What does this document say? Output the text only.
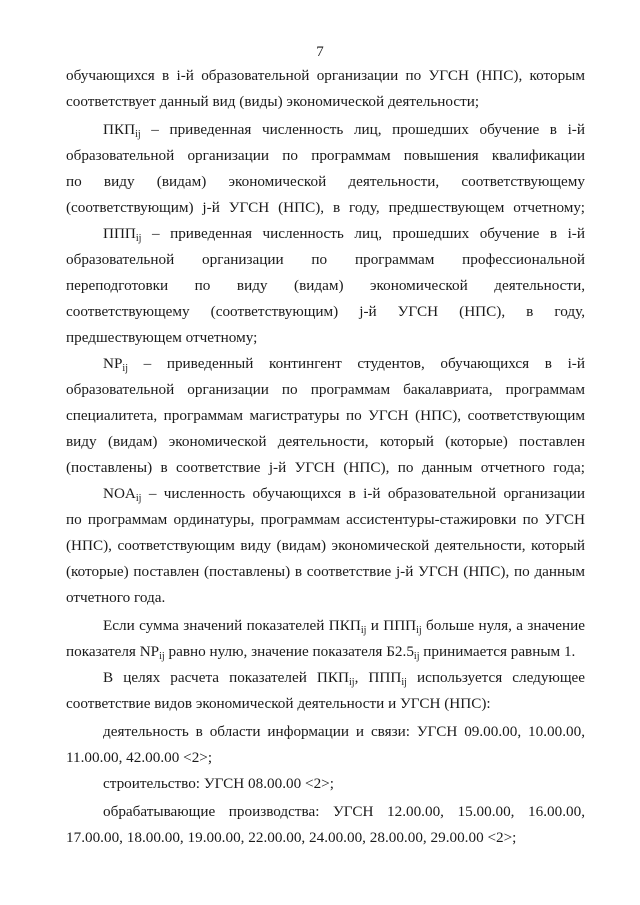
7
обучающихся в i-й образовательной организации по УГСН (НПС), которым
соответствует данный вид (виды) экономической деятельности;
$ПКП_{ij}$ – приведенная численность лиц, прошедших обучение в i-й
образовательной организации по программам повышения квалификации
по виду (видам) экономической деятельности, соответствующему
(соответствующим) j-й УГСН (НПС), в году, предшествующем отчетному;
$ППП_{ij}$ – приведенная численность лиц, прошедших обучение в i-й
образовательной организации по программам профессиональной
переподготовки по виду (видам) экономической деятельности,
соответствующему (соответствующим) j-й УГСН (НПС), в году,
предшествующем отчетному;
$NP_{ij}$ – приведенный контингент студентов, обучающихся в i-й
образовательной организации по программам бакалавриата, программам
специалитета, программам магистратуры по УГСН (НПС), соответствующим
виду (видам) экономической деятельности, который (которые) поставлен
(поставлены) в соответствие j-й УГСН (НПС), по данным отчетного года;
$NOA_{ij}$ – численность обучающихся в i-й образовательной организации
по программам ординатуры, программам ассистентуры-стажировки по УГСН
(НПС), соответствующим виду (видам) экономической деятельности, который
(которые) поставлен (поставлены) в соответствие j-й УГСН (НПС), по данным
отчетного года.
Если сумма значений показателей $ПКП_{ij}$ и $ППП_{ij}$ больше нуля, а значение
показателя $NP_{ij}$ равно нулю, значение показателя $Б2.5_{ij}$ принимается равным 1.
В целях расчета показателей $ПКП_{ij}$, $ППП_{ij}$ используется следующее
соответствие видов экономической деятельности и УГСН (НПС):
деятельность в области информации и связи: УГСН 09.00.00, 10.00.00,
11.00.00, 42.00.00 <2>;
строительство: УГСН 08.00.00 <2>;
обрабатывающие производства: УГСН 12.00.00, 15.00.00, 16.00.00,
17.00.00, 18.00.00, 19.00.00, 22.00.00, 24.00.00, 28.00.00, 29.00.00 <2>;
